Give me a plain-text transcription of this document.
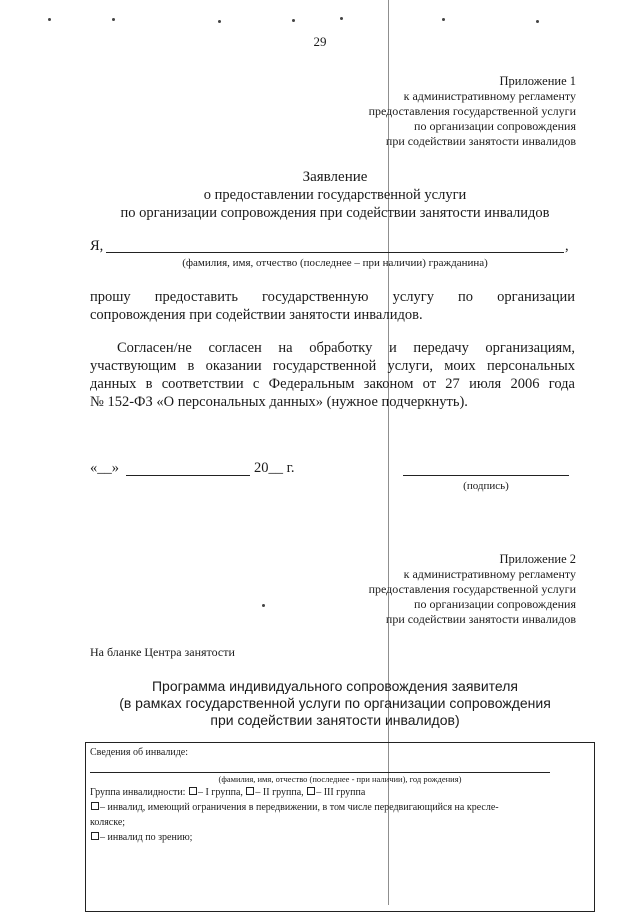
29
Приложение 1
к административному регламенту
предоставления государственной услуги
по организации сопровождения
при содействии занятости инвалидов
Заявление
о предоставлении государственной услуги
по организации сопровождения при содействии занятости инвалидов
Я,	,
(фамилия, имя, отчество (последнее – при наличии) гражданина)
прошу предоставить государственную услугу по организации
сопровождения при содействии занятости инвалидов.
Согласен/не согласен на обработку и передачу организациям,
участвующим в оказании государственной услуги, моих персональных
данных в соответствии с Федеральным законом от 27 июля 2006 года
№ 152-ФЗ «О персональных данных» (нужное подчеркнуть).
«__»	20__ г.
(подпись)
Приложение 2
к административному регламенту
предоставления государственной услуги
по организации сопровождения
при содействии занятости инвалидов
На бланке Центра занятости
Программа индивидуального сопровождения заявителя
(в рамках государственной услуги по организации сопровождения
при содействии занятости инвалидов)
Сведения об инвалиде:
(фамилия, имя, отчество (последнее - при наличии), год рождения)
Группа инвалидности: – I группа, – II группа, – III группа
– инвалид, имеющий ограничения в передвижении, в том числе передвигающийся на кресле-
коляске;
– инвалид по зрению;
